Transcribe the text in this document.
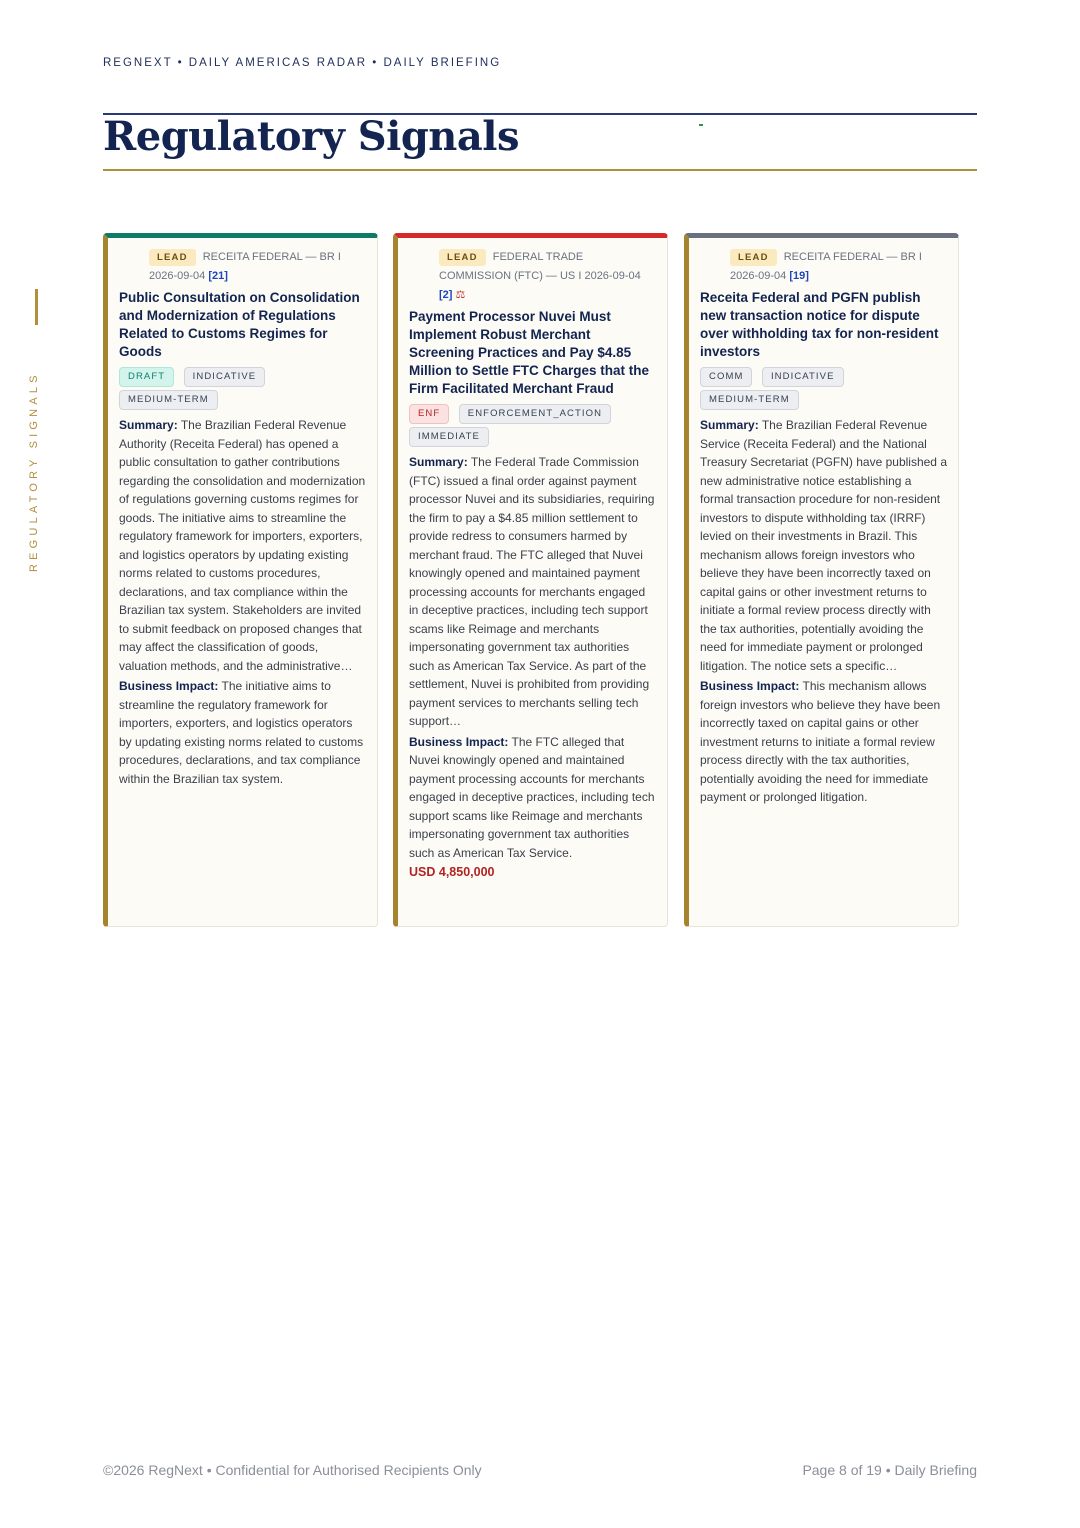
REGNEXT • DAILY AMERICAS RADAR • DAILY BRIEFING
Regulatory Signals
REGULATORY SIGNALS
LEAD RECEITA FEDERAL — BR I
2026-09-04 [21]
Public Consultation on Consolidation and Modernization of Regulations Related to Customs Regimes for Goods
DRAFT	INDICATIVE MEDIUM-TERM

Summary: The Brazilian Federal Revenue Authority (Receita Federal) has opened a public consultation to gather contributions regarding the consolidation and modernization of regulations governing customs regimes for goods. The initiative aims to streamline the regulatory framework for importers, exporters, and logistics operators by updating existing norms related to customs procedures, declarations, and tax compliance within the Brazilian tax system. Stakeholders are invited to submit feedback on proposed changes that may affect the classification of goods, valuation methods, and the administrative…

Business Impact: The initiative aims to streamline the regulatory framework for importers, exporters, and logistics operators by updating existing norms related to customs procedures, declarations, and tax compliance within the Brazilian tax system.

LEAD FEDERAL TRADE COMMISSION (FTC) — US I 2026-09-04 [2] ⚖
Payment Processor Nuvei Must Implement Robust Merchant Screening Practices and Pay $4.85 Million to Settle FTC Charges that the Firm Facilitated Merchant Fraud
ENF	ENFORCEMENT_ACTION IMMEDIATE

Summary: The Federal Trade Commission (FTC) issued a final order against payment processor Nuvei and its subsidiaries, requiring the firm to pay a $4.85 million settlement to provide redress to consumers harmed by merchant fraud. The FTC alleged that Nuvei knowingly opened and maintained payment processing accounts for merchants engaged in deceptive practices, including tech support scams like Reimage and merchants impersonating government tax authorities such as American Tax Service. As part of the settlement, Nuvei is prohibited from providing payment services to merchants selling tech support…

Business Impact: The FTC alleged that Nuvei knowingly opened and maintained payment processing accounts for merchants engaged in deceptive practices, including tech support scams like Reimage and merchants impersonating government tax authorities such as American Tax Service.

USD 4,850,000
LEAD RECEITA FEDERAL — BR I
2026-09-04 [19]
Receita Federal and PGFN publish new transaction notice for dispute over withholding tax for non-resident investors
COMM	INDICATIVE MEDIUM-TERM

Summary: The Brazilian Federal Revenue Service (Receita Federal) and the National Treasury Secretariat (PGFN) have published a new administrative notice establishing a formal transaction procedure for non-resident investors to dispute withholding tax (IRRF) levied on their investments in Brazil. This mechanism allows foreign investors who believe they have been incorrectly taxed on capital gains or other investment returns to initiate a formal review process directly with the tax authorities, potentially avoiding the need for immediate payment or prolonged litigation. The notice sets a specific…

Business Impact: This mechanism allows foreign investors who believe they have been incorrectly taxed on capital gains or other investment returns to initiate a formal review process directly with the tax authorities, potentially avoiding the need for immediate payment or prolonged litigation.

©2026 RegNext • Confidential for Authorised Recipients Only	Page 8 of 19 • Daily Briefing
